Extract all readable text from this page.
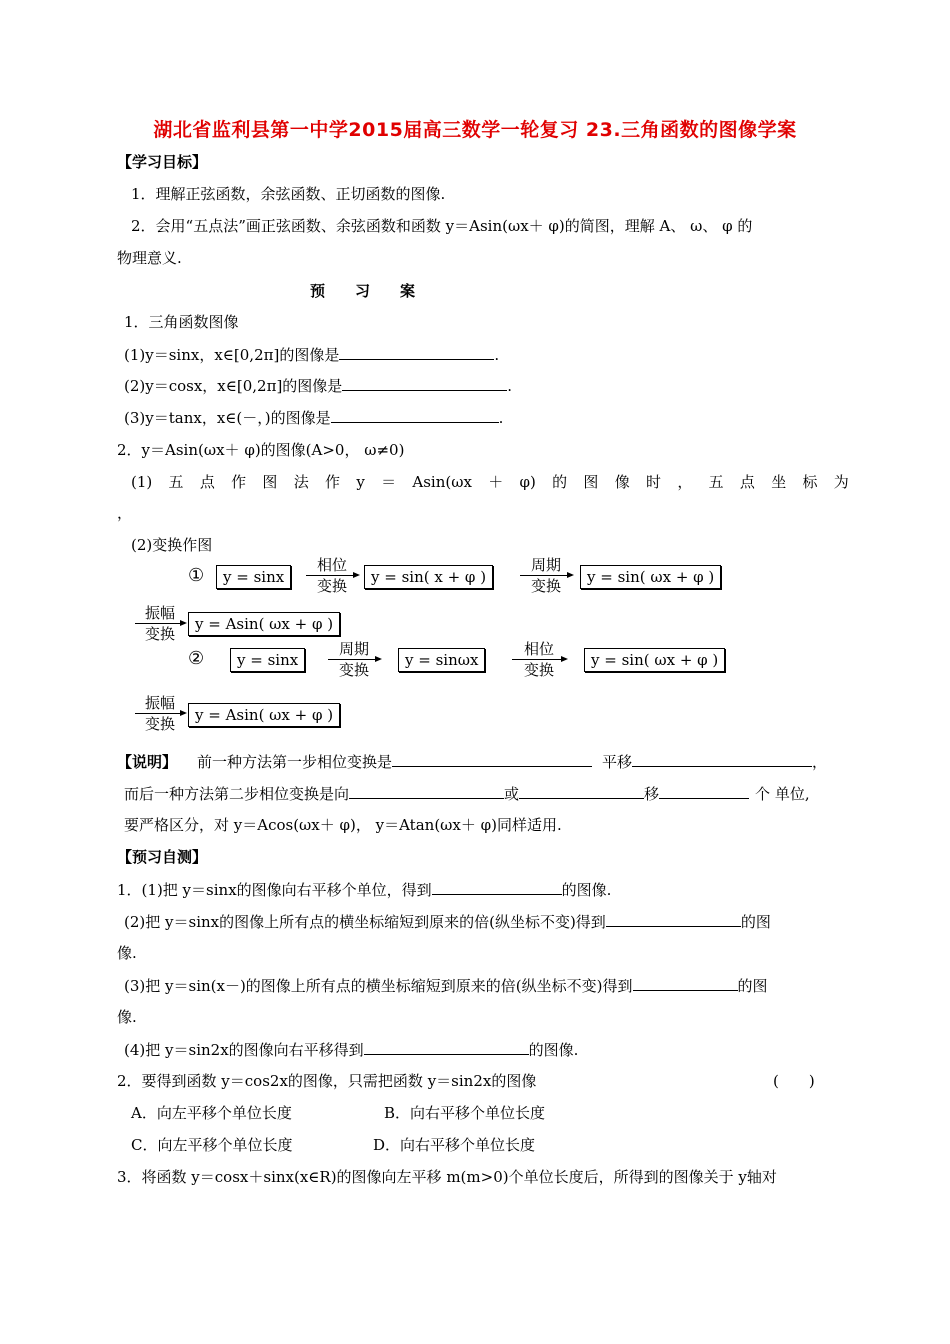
湖北省监利县第一中学2015届高三数学一轮复习 23.三角函数的图像学案
【学习目标】
1．理解正弦函数，余弦函数、正切函数的图像.
2．会用“五点法”画正弦函数、余弦函数和函数 y＝Asin(ωx＋ φ)的简图，理解 A、 ω、 φ 的
物理意义.
预　　习　　案
1．三角函数图像
(1)y＝sinx，x∈[0,2π]的图像是	.
(2)y＝cosx，x∈[0,2π]的图像是	.
(3)y＝tanx，x∈(－，)的图像是	.
2．y＝Asin(ωx＋ φ)的图像(A>0， ω≠0)
(1) 五 点 作 图 法 作 y ＝ Asin(ωx ＋ φ) 的 图 像 时 ， 五 点 坐 标 为
，
(2)变换作图
①	y = sinx
相位
变换	y = sin( x + φ )
周期
变换	y = sin( ωx + φ )
振幅
变换
y = Asin( ωx + φ )
②	y = sinx
周期
变换
y = sinωx
相位
变换
y = sin( ωx + φ )
振幅
变换	y = Asin( ωx + φ )
【说明】 前一种方法第一步相位变换是	平移	，
而后一种方法第二步相位变换是向	或	移	个 单位,
要严格区分，对 y＝Acos(ωx＋ φ)， y＝Atan(ωx＋ φ)同样适用.
【预习自测】
1．(1)把 y＝sinx的图像向右平移个单位，得到	的图像.
(2)把 y＝sinx的图像上所有点的横坐标缩短到原来的倍(纵坐标不变)得到	的图
像.
(3)把 y＝sin(x－)的图像上所有点的横坐标缩短到原来的倍(纵坐标不变)得到	的图
像.
(4)把 y＝sin2x的图像向右平移得到	的图像.
2．要得到函数 y＝cos2x的图像，只需把函数 y＝sin2x的图像	(　　)
A．向左平移个单位长度	B．向右平移个单位长度
C．向左平移个单位长度	D．向右平移个单位长度
3．将函数 y＝cosx＋sinx(x∈R)的图像向左平移 m(m>0)个单位长度后，所得到的图像关于 y轴对
